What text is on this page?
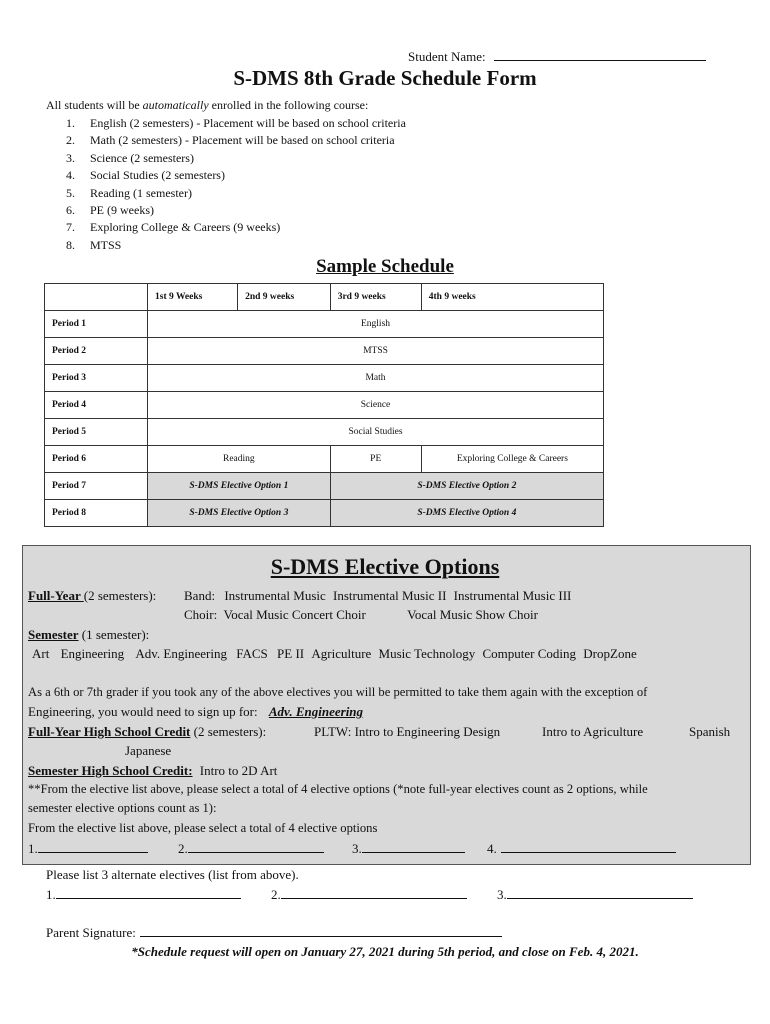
Student Name:
S-DMS 8th Grade Schedule Form
All students will be automatically enrolled in the following course:
1. English (2 semesters) - Placement will be based on school criteria
2. Math (2 semesters) - Placement will be based on school criteria
3. Science (2 semesters)
4. Social Studies (2 semesters)
5. Reading (1 semester)
6. PE (9 weeks)
7. Exploring College & Careers (9 weeks)
8. MTSS
Sample Schedule
	1st 9 Weeks	2nd 9 weeks	3rd 9 weeks	4th 9 weeks
Period 1	English			
Period 2	MTSS			
Period 3	Math			
Period 4	Science			
Period 5	Social Studies			
Period 6	Reading		PE	Exploring College & Careers
Period 7	S-DMS Elective Option 1		S-DMS Elective Option 2	
Period 8	S-DMS Elective Option 3		S-DMS Elective Option 4	
S-DMS Elective Options
Full-Year (2 semesters): Band: Instrumental Music Instrumental Music II Instrumental Music III
Choir: Vocal Music Concert Choir	Vocal Music Show Choir
Semester (1 semester):
Art Engineering Adv. Engineering FACS PE II Agriculture Music Technology Computer Coding DropZone
As a 6th or 7th grader if you took any of the above electives you will be permitted to take them again with the exception of
Engineering, you would need to sign up for: Adv. Engineering
Full-Year High School Credit (2 semesters):	PLTW: Intro to Engineering Design	Intro to Agriculture	Spanish
Japanese
Semester High School Credit: Intro to 2D Art
**From the elective list above, please select a total of 4 elective options (*note full-year electives count as 2 options, while
semester elective options count as 1):
From the elective list above, please select a total of 4 elective options
1.	2.	3.	4.
Please list 3 alternate electives (list from above).
1.	2.	3.
Parent Signature:
*Schedule request will open on January 27, 2021 during 5th period, and close on Feb. 4, 2021.
